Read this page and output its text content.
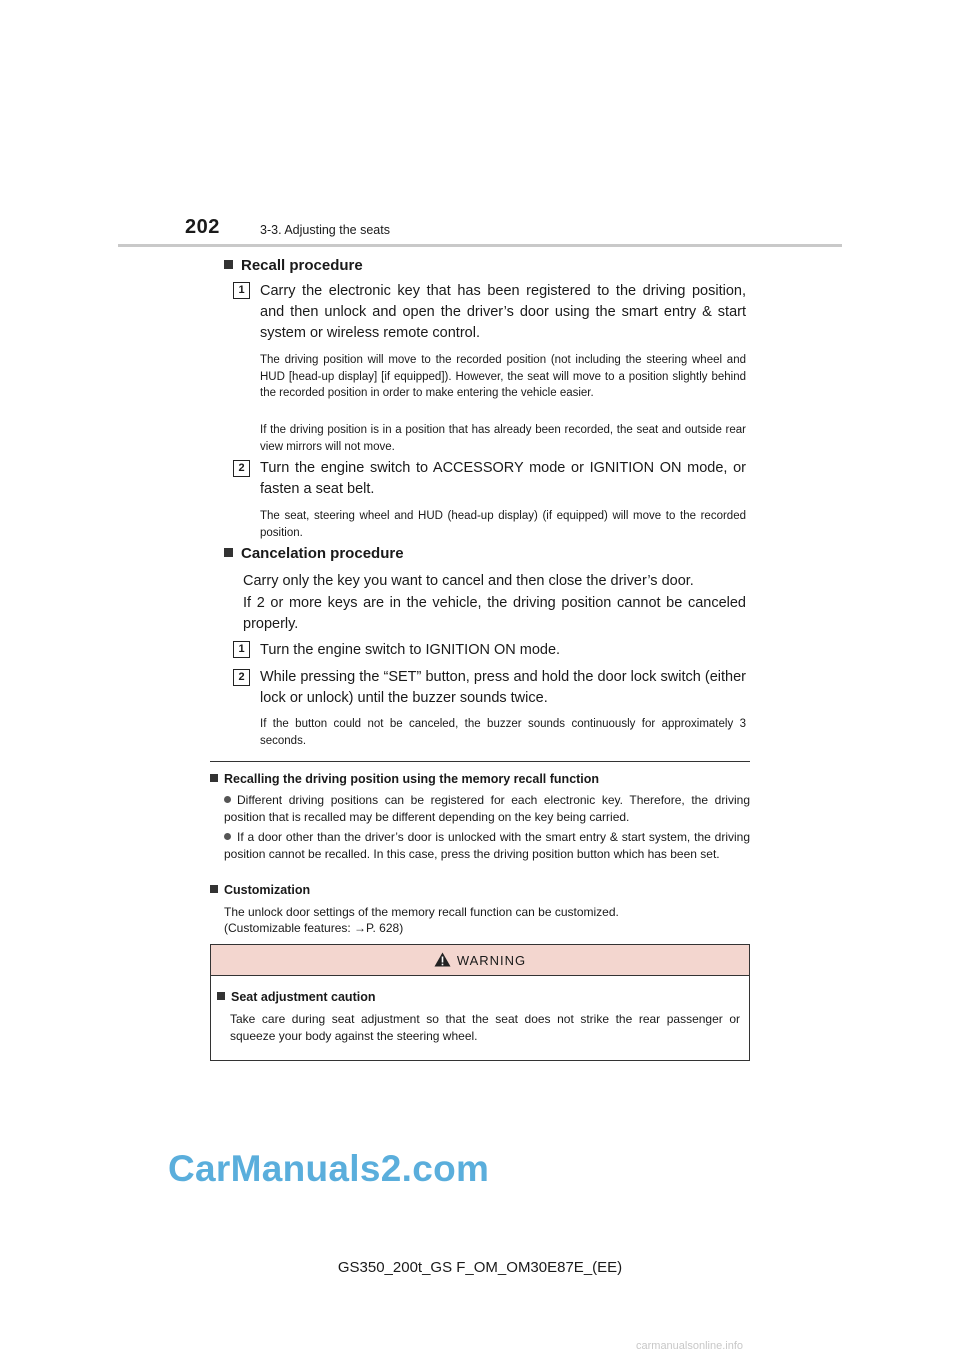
202	3-3. Adjusting the seats
Recall procedure
1	Carry the electronic key that has been registered to the driving position, and then unlock and open the driver’s door using the smart entry & start system or wireless remote control.
The driving position will move to the recorded position (not including the steering wheel and HUD [head-up display] [if equipped]). However, the seat will move to a position slightly behind the recorded position in order to make entering the vehicle easier.
If the driving position is in a position that has already been recorded, the seat and outside rear view mirrors will not move.
2	Turn the engine switch to ACCESSORY mode or IGNITION ON mode, or fasten a seat belt.
The seat, steering wheel and HUD (head-up display) (if equipped) will move to the recorded position.
Cancelation procedure
Carry only the key you want to cancel and then close the driver’s door.
If 2 or more keys are in the vehicle, the driving position cannot be canceled properly.
1	Turn the engine switch to IGNITION ON mode.
2	While pressing the “SET” button, press and hold the door lock switch (either lock or unlock) until the buzzer sounds twice.
If the button could not be canceled, the buzzer sounds continuously for approximately 3 seconds.
Recalling the driving position using the memory recall function
Different driving positions can be registered for each electronic key. Therefore, the driving position that is recalled may be different depending on the key being carried.
If a door other than the driver’s door is unlocked with the smart entry & start system, the driving position cannot be recalled. In this case, press the driving position button which has been set.
Customization
The unlock door settings of the memory recall function can be customized.
(Customizable features: →P. 628)
WARNING
Seat adjustment caution
Take care during seat adjustment so that the seat does not strike the rear passenger or squeeze your body against the steering wheel.
CarManuals2.com
GS350_200t_GS F_OM_OM30E87E_(EE)
carmanualsonline.info
